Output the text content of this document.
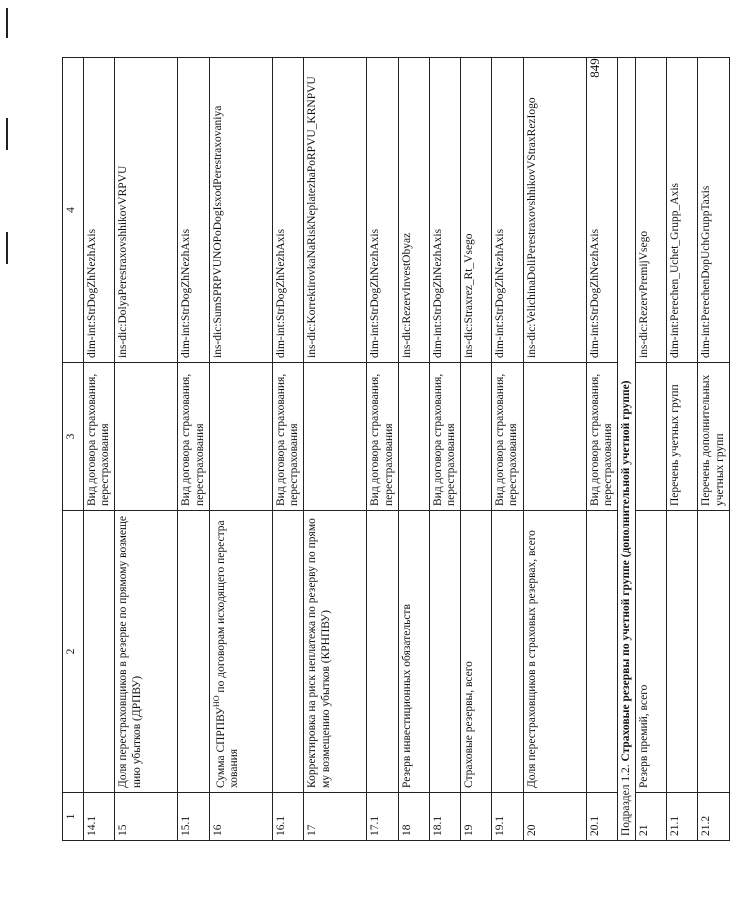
849
1	2	3	4
14.1		Вид договора страхования, перестрахования	dim-int:StrDogZhNezhAxis
15	Доля перестраховщиков в резерве по прямому возмещению убытков (ДРПВУ)		ins-dic:DolyaPerestraxovshhikovVRPVU
15.1		Вид договора страхования, перестрахования	dim-int:StrDogZhNezhAxis
16	Сумма $СПРПВУ^{НО}$ по договорам исходящего перестрахования		ins-dic:SumSPRPVUNOPoDogIsxodPerestraxovaniya
16.1		Вид договора страхования, перестрахования	dim-int:StrDogZhNezhAxis
17	Корректировка на риск неплатежа по резерву по прямому возмещению убытков (КРНПВУ)		ins-dic:KorrektirovkaNaRiskNeplatezhaPoRPVU_KRNPVU
17.1		Вид договора страхования, перестрахования	dim-int:StrDogZhNezhAxis
18	Резерв инвестиционных обязательств		ins-dic:RezervInvestObyaz
18.1		Вид договора страхования, перестрахования	dim-int:StrDogZhNezhAxis
19	Страховые резервы, всего		ins-dic:Straxrez_Rt_Vsego
19.1		Вид договора страхования, перестрахования	dim-int:StrDogZhNezhAxis
20	Доля перестраховщиков в страховых резервах, всего		ins-dic:VelichinaDoliPerestraxovshhikovVStraxRezIogo
20.1		Вид договора страхования, перестрахования	dim-int:StrDogZhNezhAxis
Подраздел 1.2. Страховые резервы по учетной группе (дополнительной учетной группе)			
21	Резерв премий, всего		ins-dic:RezervPremijVsego
21.1		Перечень учетных групп	dim-int:Perechen_Uchet_Grupp_Axis
21.2		Перечень дополнительных учетных групп	dim-int:PerechenDopUchGruppTaxis
